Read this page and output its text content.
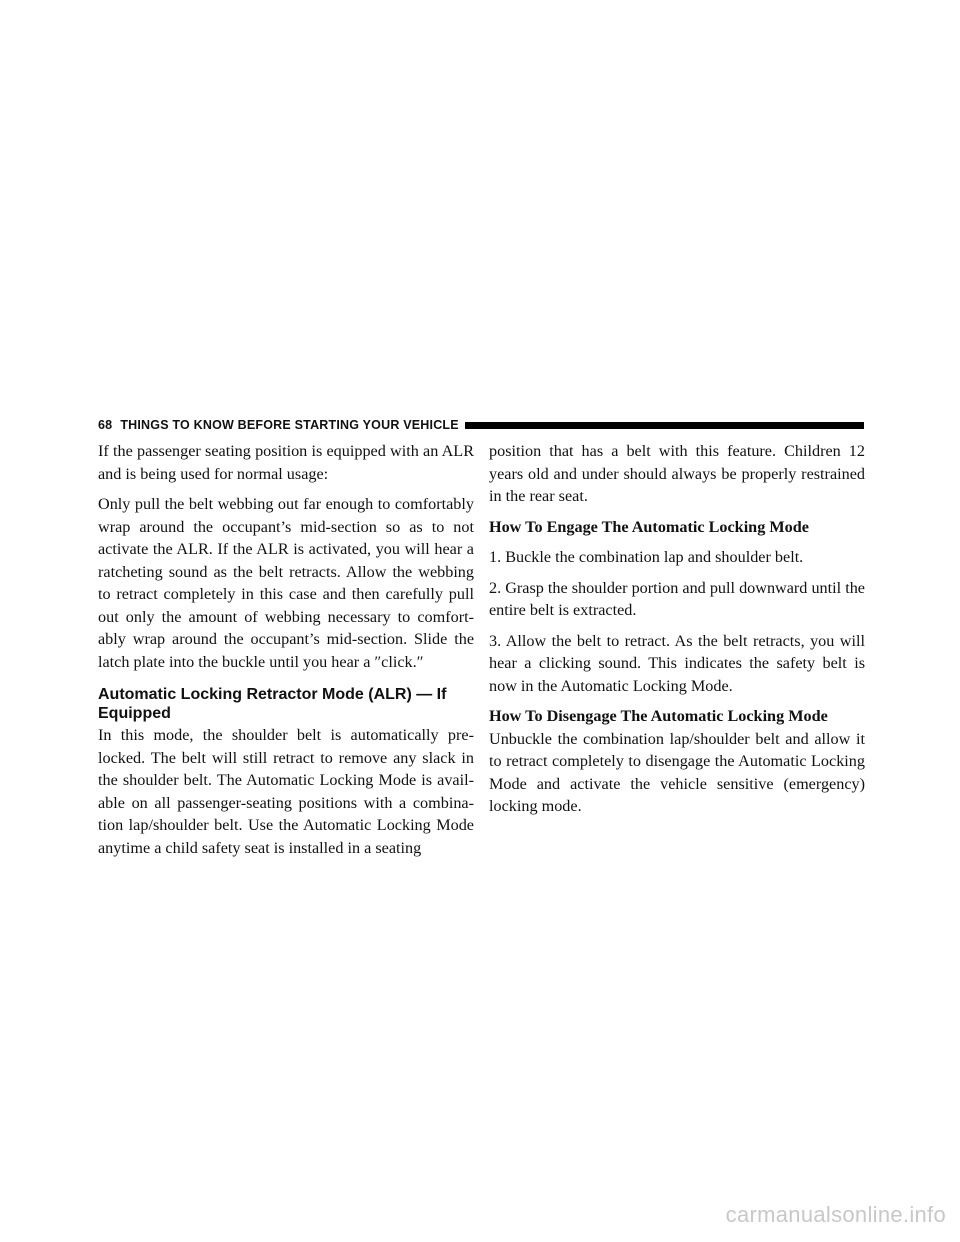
68 THINGS TO KNOW BEFORE STARTING YOUR VEHICLE

If the passenger seating position is equipped with an ALR and is being used for normal usage:

Only pull the belt webbing out far enough to comfortably wrap around the occupant’s mid-section so as to not activate the ALR. If the ALR is activated, you will hear a ratcheting sound as the belt retracts. Allow the webbing to retract completely in this case and then carefully pull out only the amount of webbing necessary to comfort-ably wrap around the occupant’s mid-section. Slide the latch plate into the buckle until you hear a ″click.″

Automatic Locking Retractor Mode (ALR) — If Equipped

In this mode, the shoulder belt is automatically pre-locked. The belt will still retract to remove any slack in the shoulder belt. The Automatic Locking Mode is avail-able on all passenger-seating positions with a combina-tion lap/shoulder belt. Use the Automatic Locking Mode anytime a child safety seat is installed in a seating

position that has a belt with this feature. Children 12 years old and under should always be properly restrained in the rear seat.

How To Engage The Automatic Locking Mode

1. Buckle the combination lap and shoulder belt.

2. Grasp the shoulder portion and pull downward until the entire belt is extracted.

3. Allow the belt to retract. As the belt retracts, you will hear a clicking sound. This indicates the safety belt is now in the Automatic Locking Mode.

How To Disengage The Automatic Locking Mode

Unbuckle the combination lap/shoulder belt and allow it to retract completely to disengage the Automatic Locking Mode and activate the vehicle sensitive (emergency) locking mode.

carmanualsonline.info
